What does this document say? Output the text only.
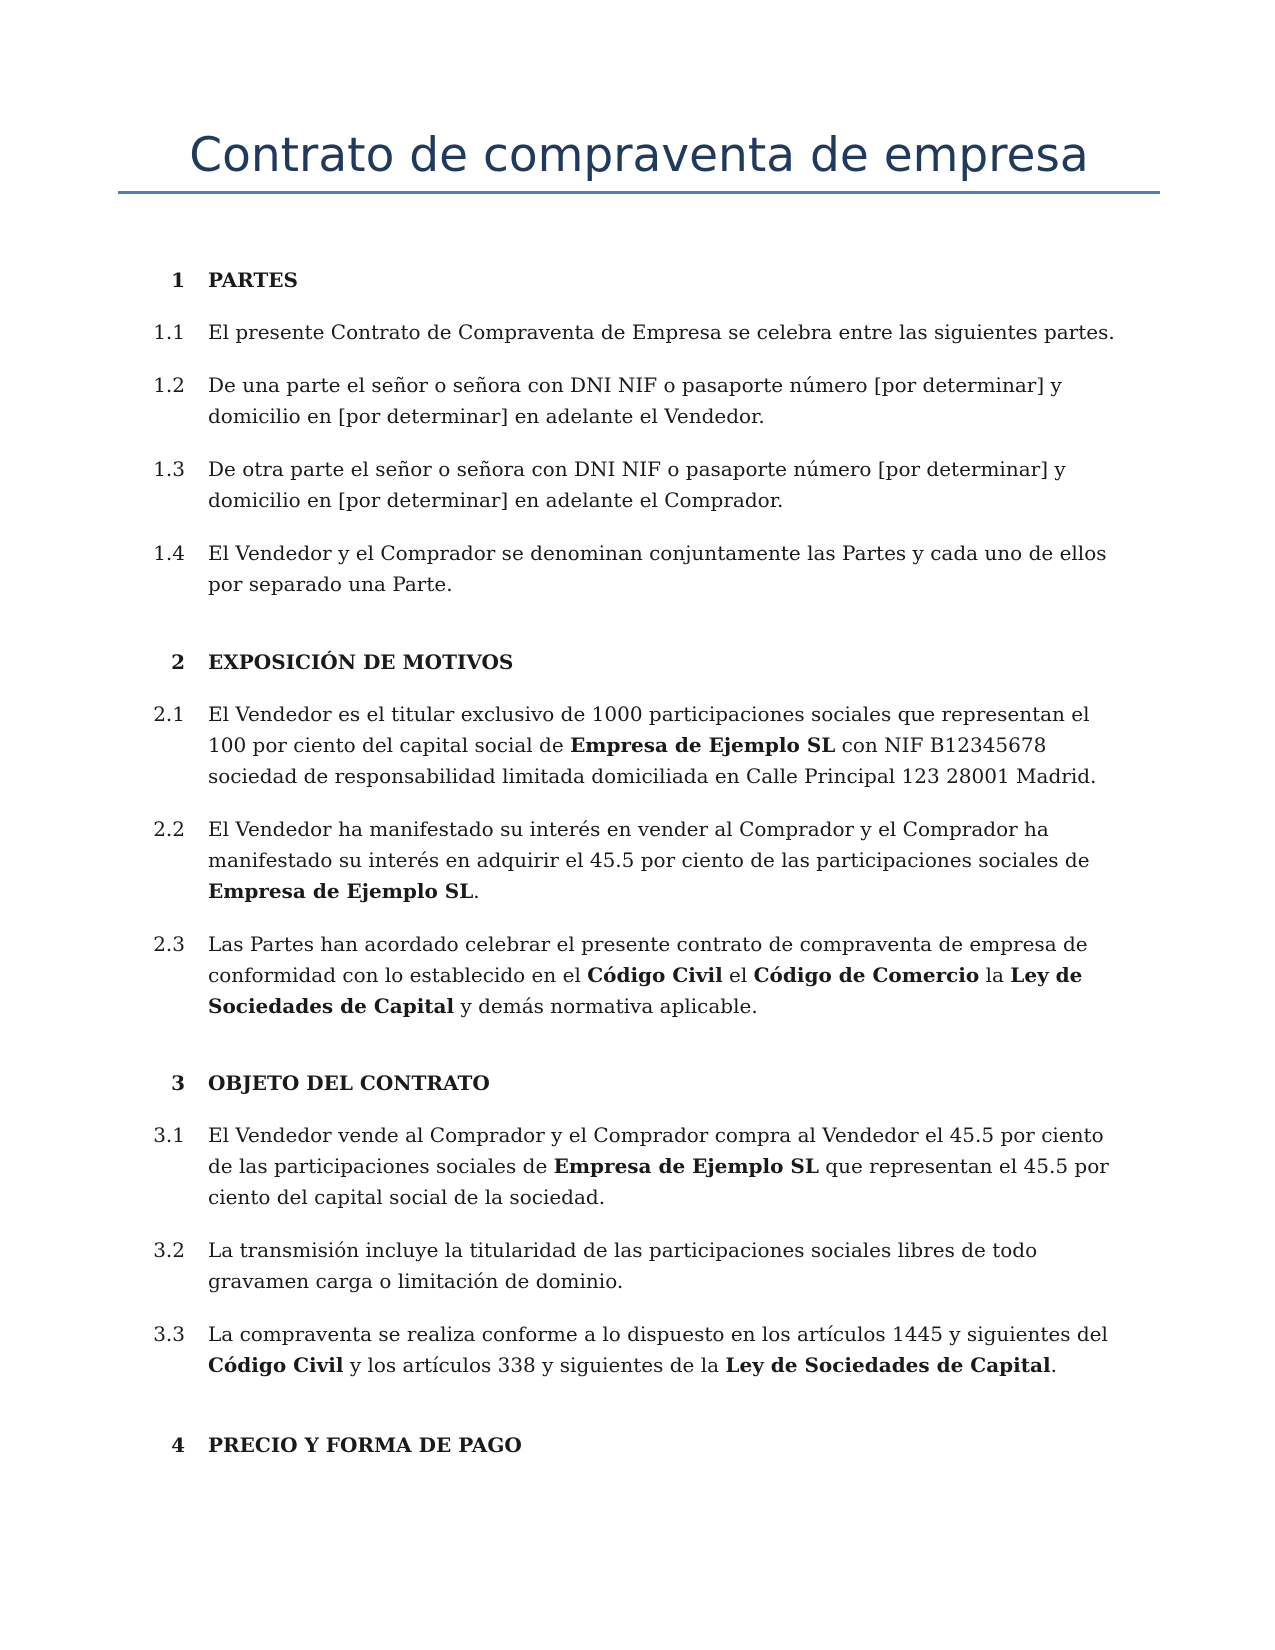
Contrato de compraventa de empresa
1 PARTES
1.1 El presente Contrato de Compraventa de Empresa se celebra entre las siguientes partes.
1.2 De una parte el señor o señora con DNI NIF o pasaporte número [por determinar] y domicilio en [por determinar] en adelante el Vendedor.
1.3 De otra parte el señor o señora con DNI NIF o pasaporte número [por determinar] y domicilio en [por determinar] en adelante el Comprador.
1.4 El Vendedor y el Comprador se denominan conjuntamente las Partes y cada uno de ellos por separado una Parte.
2 EXPOSICIÓN DE MOTIVOS
2.1 El Vendedor es el titular exclusivo de 1000 participaciones sociales que representan el 100 por ciento del capital social de Empresa de Ejemplo SL con NIF B12345678 sociedad de responsabilidad limitada domiciliada en Calle Principal 123 28001 Madrid.
2.2 El Vendedor ha manifestado su interés en vender al Comprador y el Comprador ha manifestado su interés en adquirir el 45.5 por ciento de las participaciones sociales de Empresa de Ejemplo SL.
2.3 Las Partes han acordado celebrar el presente contrato de compraventa de empresa de conformidad con lo establecido en el Código Civil el Código de Comercio la Ley de Sociedades de Capital y demás normativa aplicable.
3 OBJETO DEL CONTRATO
3.1 El Vendedor vende al Comprador y el Comprador compra al Vendedor el 45.5 por ciento de las participaciones sociales de Empresa de Ejemplo SL que representan el 45.5 por ciento del capital social de la sociedad.
3.2 La transmisión incluye la titularidad de las participaciones sociales libres de todo gravamen carga o limitación de dominio.
3.3 La compraventa se realiza conforme a lo dispuesto en los artículos 1445 y siguientes del Código Civil y los artículos 338 y siguientes de la Ley de Sociedades de Capital.
4 PRECIO Y FORMA DE PAGO
